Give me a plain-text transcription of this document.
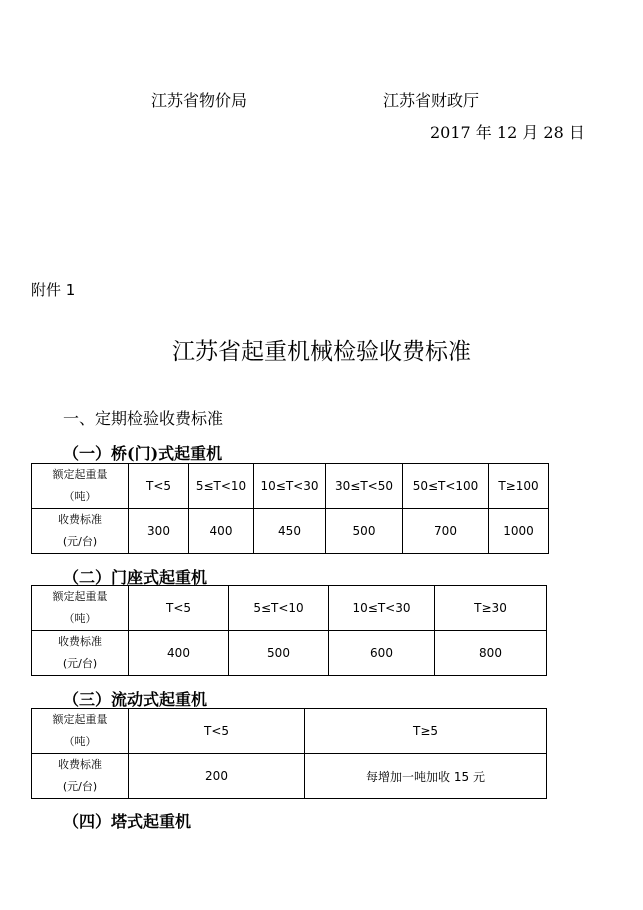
江苏省物价局	江苏省财政厅
2017 年 12 月 28 日
附件 1
江苏省起重机械检验收费标准
一、定期检验收费标准
（一）桥(门)式起重机
额定起重量
（吨）	T<5	5≤T<10	10≤T<30	30≤T<50	50≤T<100	T≥100

收费标准
(元/台)	300	400	450	500	700	1000
（二）门座式起重机
额定起重量
（吨）	T<5	5≤T<10	10≤T<30	T≥30

收费标准
(元/台)	400	500	600	800
（三）流动式起重机
额定起重量
（吨）	T<5	T≥5

收费标准
(元/台)	200	每增加一吨加收 15 元
（四）塔式起重机
